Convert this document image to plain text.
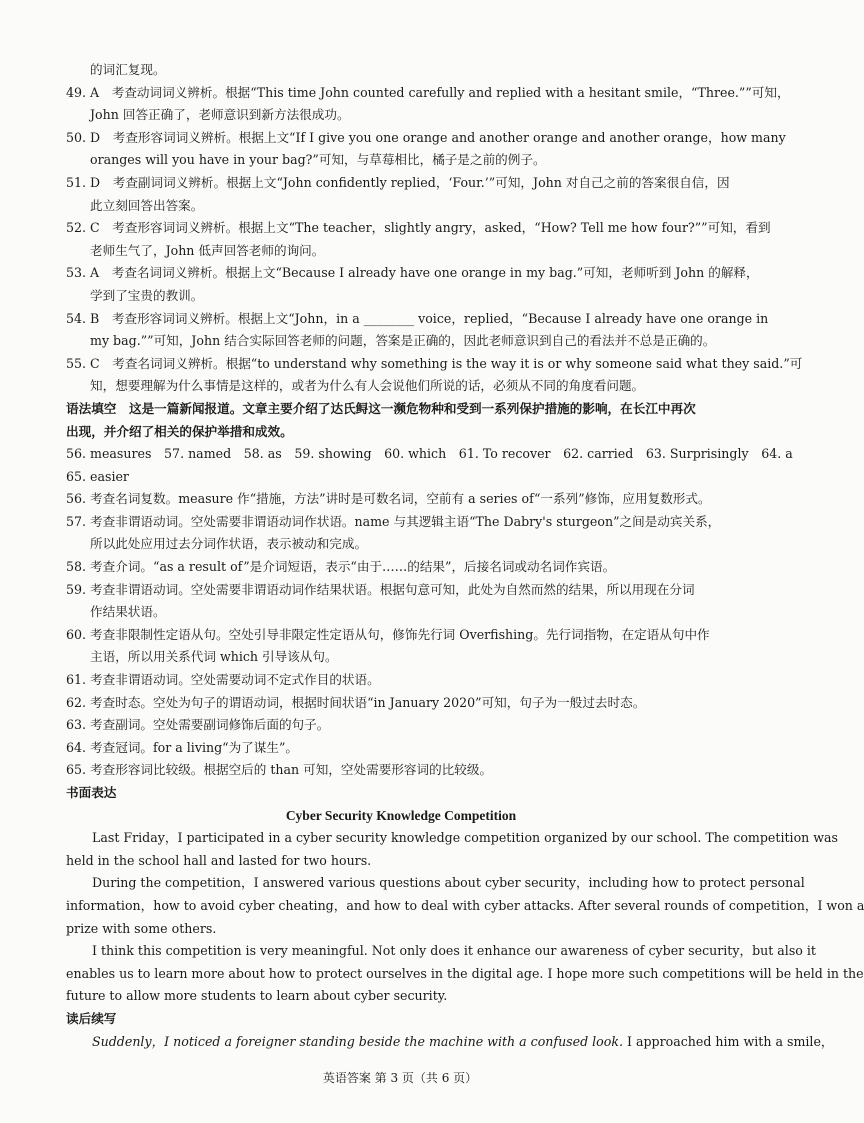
的词汇复现。
49. A　考查动词词义辨析。根据“This time John counted carefully and replied with a hesitant smile，“Three.””可知，
John 回答正确了，老师意识到新方法很成功。
50. D　考查形容词词义辨析。根据上文“If I give you one orange and another orange and another orange，how many
oranges will you have in your bag?”可知，与草莓相比，橘子是之前的例子。
51. D　考查副词词义辨析。根据上文“John confidently replied，‘Four.’”可知，John 对自己之前的答案很自信，因
此立刻回答出答案。
52. C　考查形容词词义辨析。根据上文“The teacher，slightly angry，asked，“How? Tell me how four?””可知，看到
老师生气了，John 低声回答老师的询问。
53. A　考查名词词义辨析。根据上文“Because I already have one orange in my bag.”可知，老师听到 John 的解释，
学到了宝贵的教训。
54. B　考查形容词词义辨析。根据上文“John，in a ________ voice，replied，“Because I already have one orange in
my bag.””可知，John 结合实际回答老师的问题，答案是正确的，因此老师意识到自己的看法并不总是正确的。
55. C　考查名词词义辨析。根据“to understand why something is the way it is or why someone said what they said.”可
知，想要理解为什么事情是这样的，或者为什么有人会说他们所说的话，必须从不同的角度看问题。
语法填空　这是一篇新闻报道。文章主要介绍了达氏鲟这一濒危物种和受到一系列保护措施的影响，在长江中再次
出现，并介绍了相关的保护举措和成效。
56. measures　57. named　58. as　59. showing　60. which　61. To recover　62. carried　63. Surprisingly　64. a
65. easier
56. 考查名词复数。measure 作“措施，方法”讲时是可数名词，空前有 a series of“一系列”修饰，应用复数形式。
57. 考查非谓语动词。空处需要非谓语动词作状语。name 与其逻辑主语“The Dabry's sturgeon”之间是动宾关系，
所以此处应用过去分词作状语，表示被动和完成。
58. 考查介词。“as a result of”是介词短语，表示“由于……的结果”，后接名词或动名词作宾语。
59. 考查非谓语动词。空处需要非谓语动词作结果状语。根据句意可知，此处为自然而然的结果，所以用现在分词
作结果状语。
60. 考查非限制性定语从句。空处引导非限定性定语从句，修饰先行词 Overfishing。先行词指物，在定语从句中作
主语，所以用关系代词 which 引导该从句。
61. 考查非谓语动词。空处需要动词不定式作目的状语。
62. 考查时态。空处为句子的谓语动词，根据时间状语“in January 2020”可知，句子为一般过去时态。
63. 考查副词。空处需要副词修饰后面的句子。
64. 考查冠词。for a living“为了谋生”。
65. 考查形容词比较级。根据空后的 than 可知，空处需要形容词的比较级。
书面表达
Cyber Security Knowledge Competition
Last Friday，I participated in a cyber security knowledge competition organized by our school. The competition was
held in the school hall and lasted for two hours.
During the competition，I answered various questions about cyber security，including how to protect personal
information，how to avoid cyber cheating，and how to deal with cyber attacks. After several rounds of competition，I won a
prize with some others.
I think this competition is very meaningful. Not only does it enhance our awareness of cyber security，but also it
enables us to learn more about how to protect ourselves in the digital age. I hope more such competitions will be held in the
future to allow more students to learn about cyber security.
读后续写
Suddenly，I noticed a foreigner standing beside the machine with a confused look. I approached him with a smile，
英语答案 第 3 页（共 6 页）
